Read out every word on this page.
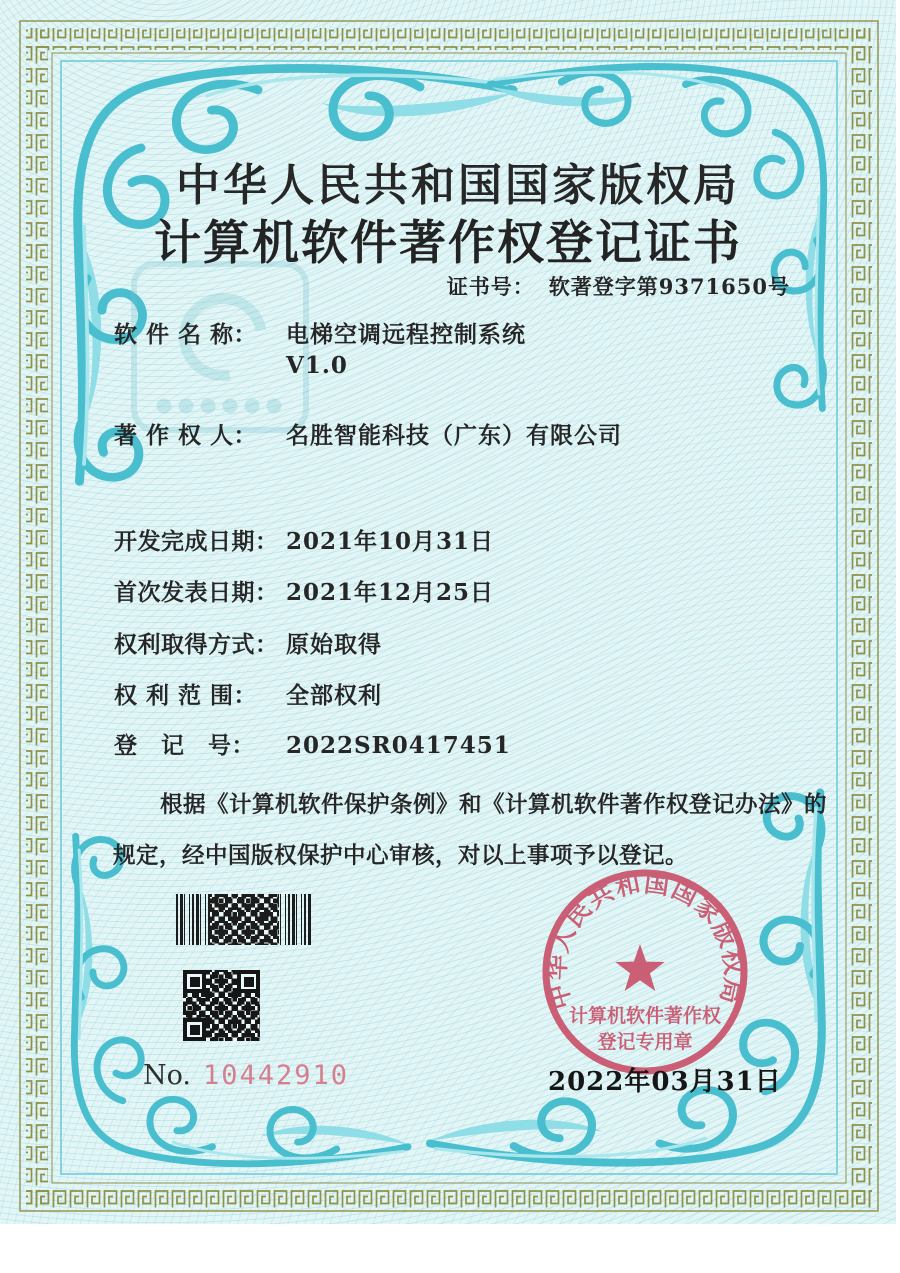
中华人民共和国国家版权局
计算机软件著作权登记证书
证书号： 软著登字第9371650号
软 件 名 称： 电梯空调远程控制系统
V1.0
著 作 权 人： 名胜智能科技（广东）有限公司
开发完成日期： 2021年10月31日
首次发表日期： 2021年12月25日
权利取得方式： 原始取得
权 利 范 围： 全部权利
登　记　号： 2022SR0417451
根据《计算机软件保护条例》和《计算机软件著作权登记办法》的
规定，经中国版权保护中心审核，对以上事项予以登记。
中华人民共和国国家版权局
计算机软件著作权
登记专用章
No. 10442910	2022年03月31日
